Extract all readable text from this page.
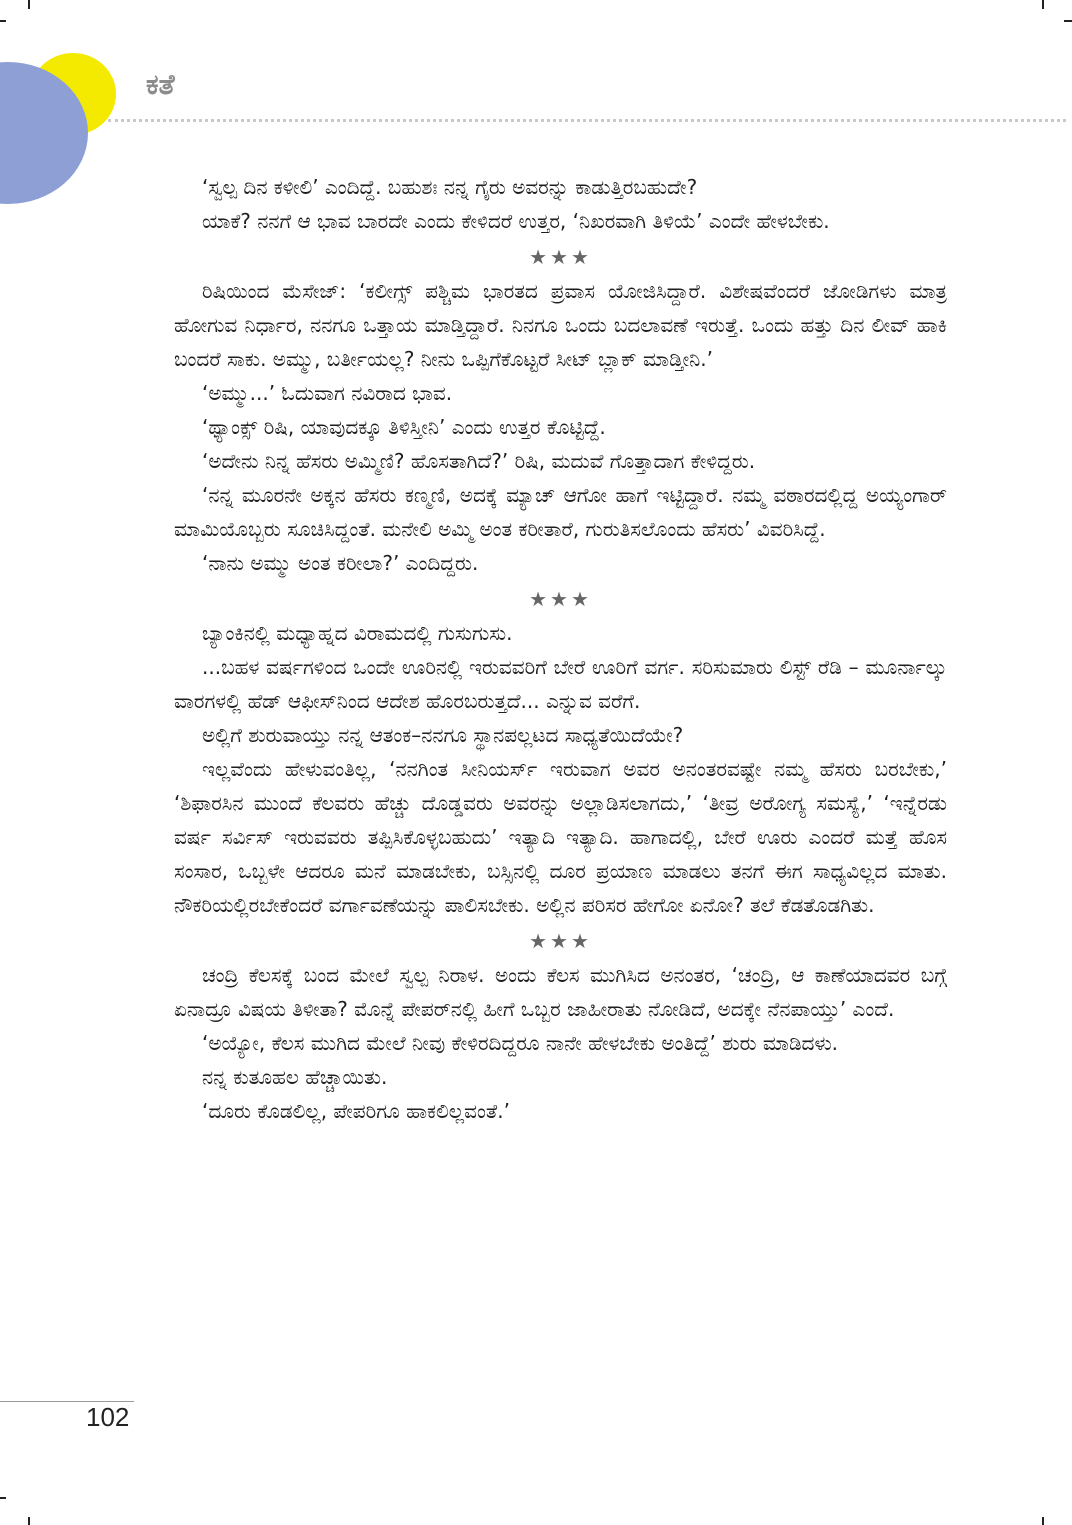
ಕತೆ

‘ಸ್ವಲ್ಪ ದಿನ ಕಳೀಲಿ’ ಎಂದಿದ್ದೆ. ಬಹುಶಃ ನನ್ನ ಗೈರು ಅವರನ್ನು ಕಾಡುತ್ತಿರಬಹುದೇ?

ಯಾಕೆ? ನನಗೆ ಆ ಭಾವ ಬಾರದೇ ಎಂದು ಕೇಳಿದರೆ ಉತ್ತರ, ‘ನಿಖರವಾಗಿ ತಿಳಿಯೆ’ ಎಂದೇ ಹೇಳಬೇಕು.

★★★

ರಿಷಿಯಿಂದ ಮೆಸೇಜ್: ‘ಕಲೀಗ್ಸ್ ಪಶ್ಚಿಮ ಭಾರತದ ಪ್ರವಾಸ ಯೋಜಿಸಿದ್ದಾರೆ. ವಿಶೇಷವೆಂದರೆ ಜೋಡಿಗಳು ಮಾತ್ರ ಹೋಗುವ ನಿರ್ಧಾರ, ನನಗೂ ಒತ್ತಾಯ ಮಾಡ್ತಿದ್ದಾರೆ. ನಿನಗೂ ಒಂದು ಬದಲಾವಣೆ ಇರುತ್ತೆ. ಒಂದು ಹತ್ತು ದಿನ ಲೀವ್ ಹಾಕಿ ಬಂದರೆ ಸಾಕು. ಅಮ್ಮು, ಬರ್ತೀಯಲ್ಲ? ನೀನು ಒಪ್ಪಿಗೆಕೊಟ್ಟರೆ ಸೀಟ್ ಬ್ಲಾಕ್ ಮಾಡ್ತೀನಿ.’

‘ಅಮ್ಮು...’ ಓದುವಾಗ ನವಿರಾದ ಭಾವ.

‘ಥ್ಯಾಂಕ್ಸ್ ರಿಷಿ, ಯಾವುದಕ್ಕೂ ತಿಳಿಸ್ತೀನಿ’ ಎಂದು ಉತ್ತರ ಕೊಟ್ಟಿದ್ದೆ.

‘ಅದೇನು ನಿನ್ನ ಹೆಸರು ಅಮ್ಮಿಣಿ? ಹೊಸತಾಗಿದೆ?’ ರಿಷಿ, ಮದುವೆ ಗೊತ್ತಾದಾಗ ಕೇಳಿದ್ದರು.

‘ನನ್ನ ಮೂರನೇ ಅಕ್ಕನ ಹೆಸರು ಕಣ್ಮಣಿ, ಅದಕ್ಕೆ ಮ್ಯಾಚ್ ಆಗೋ ಹಾಗೆ ಇಟ್ಟಿದ್ದಾರೆ. ನಮ್ಮ ವಠಾರದಲ್ಲಿದ್ದ ಅಯ್ಯಂಗಾರ್ ಮಾಮಿಯೊಬ್ಬರು ಸೂಚಿಸಿದ್ದಂತೆ. ಮನೇಲಿ ಅಮ್ಮಿ ಅಂತ ಕರೀತಾರೆ, ಗುರುತಿಸಲೊಂದು ಹೆಸರು’ ವಿವರಿಸಿದ್ದೆ.

‘ನಾನು ಅಮ್ಮು ಅಂತ ಕರೀಲಾ?’ ಎಂದಿದ್ದರು.

★★★

ಬ್ಯಾಂಕಿನಲ್ಲಿ ಮಧ್ಯಾಹ್ನದ ವಿರಾಮದಲ್ಲಿ ಗುಸುಗುಸು.

...ಬಹಳ ವರ್ಷಗಳಿಂದ ಒಂದೇ ಊರಿನಲ್ಲಿ ಇರುವವರಿಗೆ ಬೇರೆ ಊರಿಗೆ ವರ್ಗ. ಸರಿಸುಮಾರು ಲಿಸ್ಟ್ ರೆಡಿ – ಮೂರ್ನಾಲ್ಕು ವಾರಗಳಲ್ಲಿ ಹೆಡ್ ಆಫೀಸ್‌ನಿಂದ ಆದೇಶ ಹೊರಬರುತ್ತದೆ... ಎನ್ನುವ ವರೆಗೆ.

ಅಲ್ಲಿಗೆ ಶುರುವಾಯ್ತು ನನ್ನ ಆತಂಕ–ನನಗೂ ಸ್ಥಾನಪಲ್ಲಟದ ಸಾಧ್ಯತೆಯಿದೆಯೇ?

ಇಲ್ಲವೆಂದು ಹೇಳುವಂತಿಲ್ಲ, ‘ನನಗಿಂತ ಸೀನಿಯರ್ಸ್ ಇರುವಾಗ ಅವರ ಅನಂತರವಷ್ಟೇ ನಮ್ಮ ಹೆಸರು ಬರಬೇಕು,’ ‘ಶಿಫಾರಸಿನ ಮುಂದೆ ಕೆಲವರು ಹೆಚ್ಚು ದೊಡ್ಡವರು ಅವರನ್ನು ಅಲ್ಲಾಡಿಸಲಾಗದು,’ ‘ತೀವ್ರ ಅರೋಗ್ಯ ಸಮಸ್ಯೆ,’ ‘ಇನ್ನೆರಡು ವರ್ಷ ಸರ್ವಿಸ್ ಇರುವವರು ತಪ್ಪಿಸಿಕೊಳ್ಳಬಹುದು’ ಇತ್ಯಾದಿ ಇತ್ಯಾದಿ. ಹಾಗಾದಲ್ಲಿ, ಬೇರೆ ಊರು ಎಂದರೆ ಮತ್ತೆ ಹೊಸ ಸಂಸಾರ, ಒಬ್ಬಳೇ ಆದರೂ ಮನೆ ಮಾಡಬೇಕು, ಬಸ್ಸಿನಲ್ಲಿ ದೂರ ಪ್ರಯಾಣ ಮಾಡಲು ತನಗೆ ಈಗ ಸಾಧ್ಯವಿಲ್ಲದ ಮಾತು. ನೌಕರಿಯಲ್ಲಿರಬೇಕೆಂದರೆ ವರ್ಗಾವಣೆಯನ್ನು ಪಾಲಿಸಬೇಕು. ಅಲ್ಲಿನ ಪರಿಸರ ಹೇಗೋ ಏನೋ? ತಲೆ ಕೆಡತೊಡಗಿತು.

★★★

ಚಂದ್ರಿ ಕೆಲಸಕ್ಕೆ ಬಂದ ಮೇಲೆ ಸ್ವಲ್ಪ ನಿರಾಳ. ಅಂದು ಕೆಲಸ ಮುಗಿಸಿದ ಅನಂತರ, ‘ಚಂದ್ರಿ, ಆ ಕಾಣೆಯಾದವರ ಬಗ್ಗೆ ಏನಾದ್ರೂ ವಿಷಯ ತಿಳೀತಾ? ಮೊನ್ನೆ ಪೇಪರ್‌ನಲ್ಲಿ ಹೀಗೆ ಒಬ್ಬರ ಜಾಹೀರಾತು ನೋಡಿದೆ, ಅದಕ್ಕೇ ನೆನಪಾಯ್ತು’ ಎಂದೆ.

‘ಅಯ್ಯೋ, ಕೆಲಸ ಮುಗಿದ ಮೇಲೆ ನೀವು ಕೇಳಿರದಿದ್ದರೂ ನಾನೇ ಹೇಳಬೇಕು ಅಂತಿದ್ದೆ’ ಶುರು ಮಾಡಿದಳು.

ನನ್ನ ಕುತೂಹಲ ಹೆಚ್ಚಾಯಿತು.

‘ದೂರು ಕೊಡಲಿಲ್ಲ, ಪೇಪರಿಗೂ ಹಾಕಲಿಲ್ಲವಂತೆ.’

102
